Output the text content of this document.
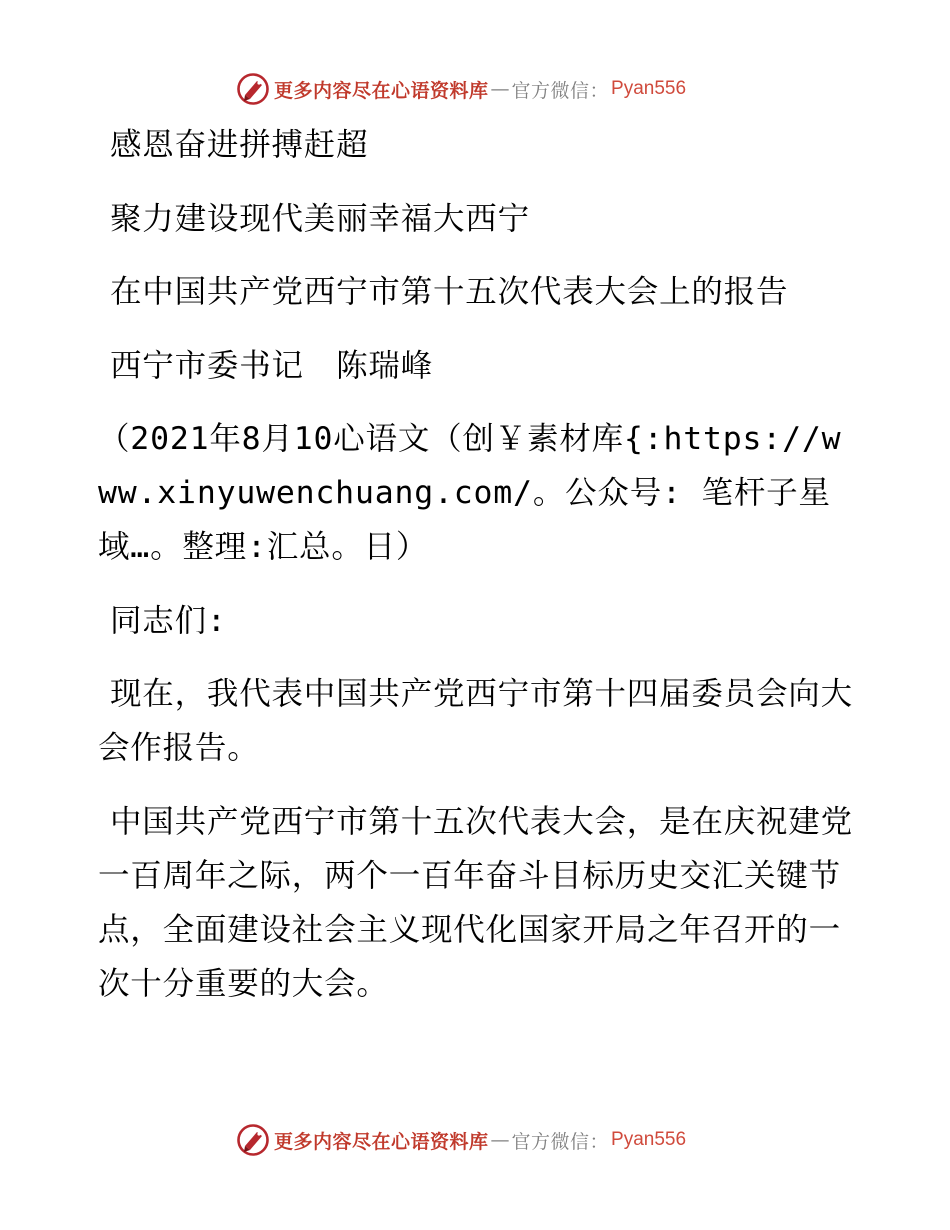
更多内容尽在心语资料库 — 官方微信： Pyan556

感恩奋进拼搏赶超

聚力建设现代美丽幸福大西宁

在中国共产党西宁市第十五次代表大会上的报告

西宁市委书记　陈瑞峰

（2021年8月10心语文（创￥素材库{:https://www.xinyuwenchuang.com/。公众号: 笔杆子星域…。整理:汇总。日）

同志们:

现在，我代表中国共产党西宁市第十四届委员会向大会作报告。

中国共产党西宁市第十五次代表大会，是在庆祝建党一百周年之际，两个一百年奋斗目标历史交汇关键节点，全面建设社会主义现代化国家开局之年召开的一次十分重要的大会。

更多内容尽在心语资料库 — 官方微信： Pyan556
